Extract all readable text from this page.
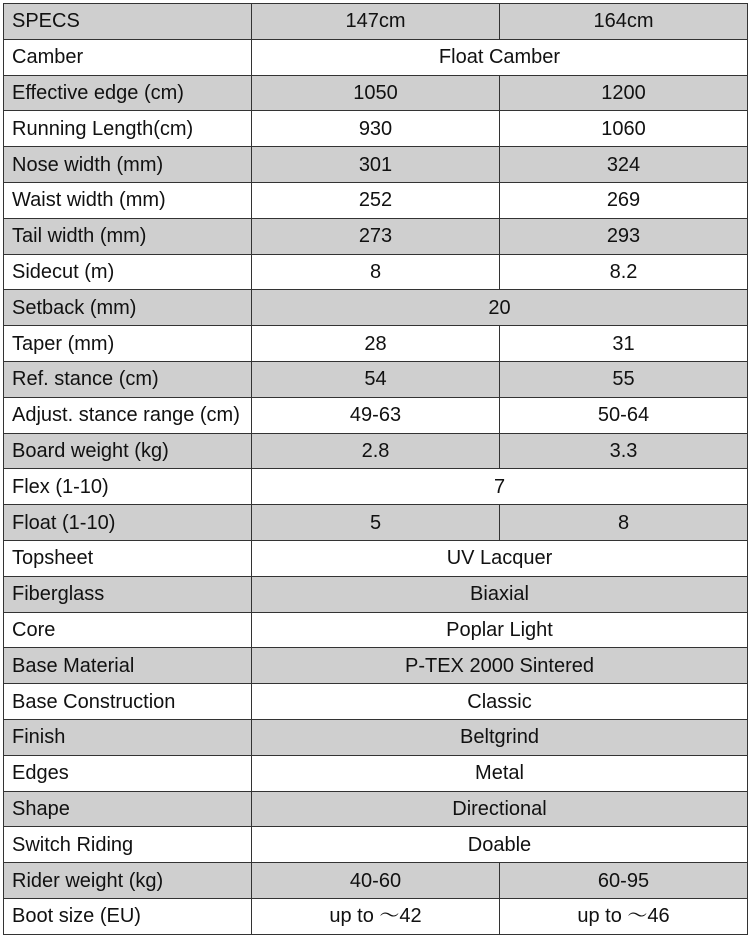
SPECS	147cm	164cm
Camber	Float Camber	
Effective edge (cm)	1050	1200
Running Length(cm)	930	1060
Nose width (mm)	301	324
Waist width (mm)	252	269
Tail width (mm)	273	293
Sidecut (m)	8	8.2
Setback (mm)	20	
Taper (mm)	28	31
Ref. stance (cm)	54	55
Adjust. stance range (cm)	49-63	50-64
Board weight (kg)	2.8	3.3
Flex (1-10)	7	
Float (1-10)	5	8
Topsheet	UV Lacquer	
Fiberglass	Biaxial	
Core	Poplar Light	
Base Material	P-TEX 2000 Sintered	
Base Construction	Classic	
Finish	Beltgrind	
Edges	Metal	
Shape	Directional	
Switch Riding	Doable	
Rider weight (kg)	40-60	60-95
Boot size (EU)	up to ～42	up to ～46
